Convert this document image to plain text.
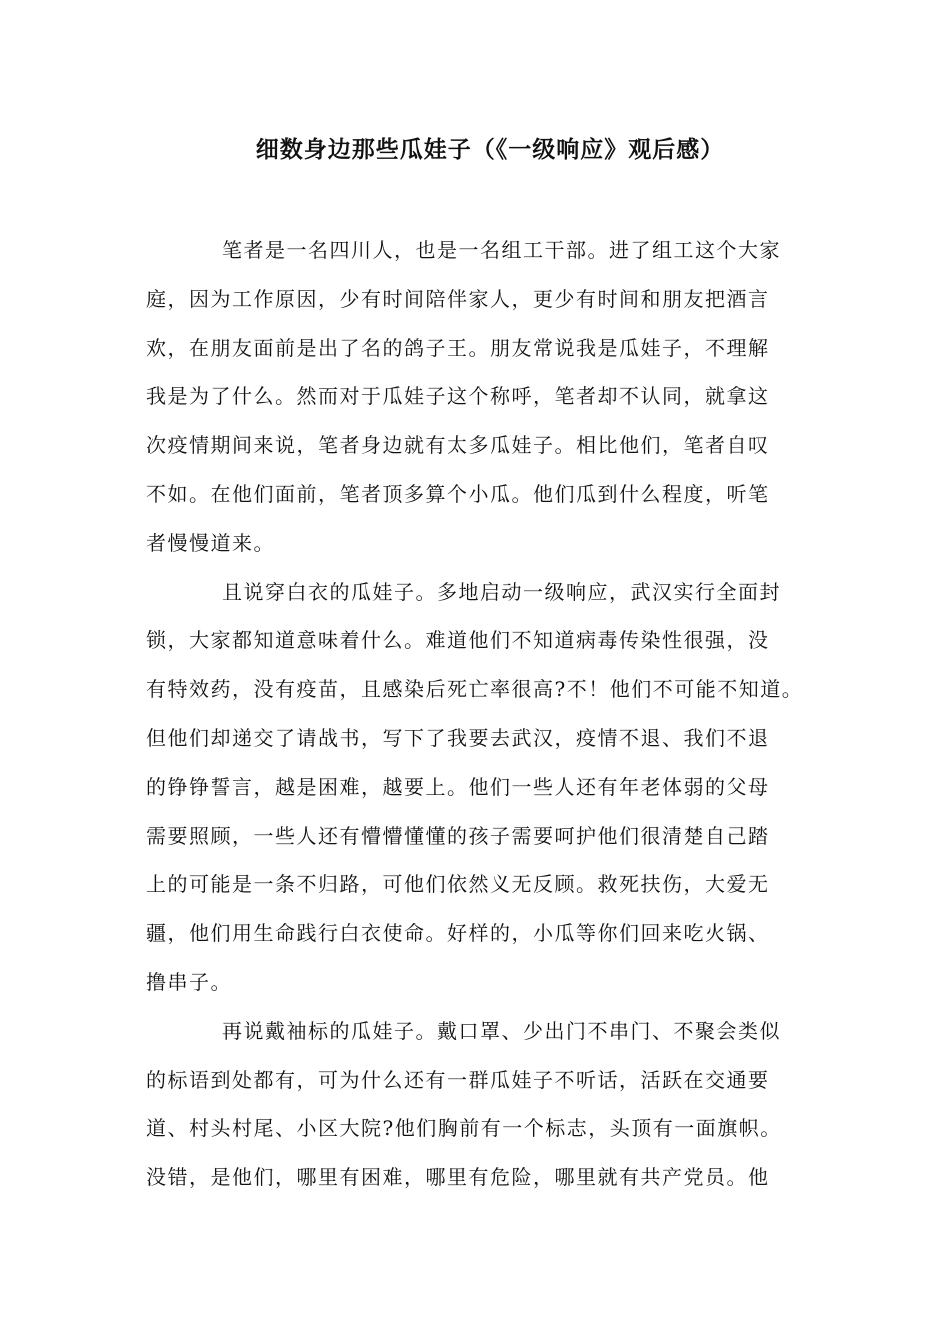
细数身边那些瓜娃子（《一级响应》观后感）
笔者是一名四川人，也是一名组工干部。进了组工这个大家
庭，因为工作原因，少有时间陪伴家人，更少有时间和朋友把酒言
欢，在朋友面前是出了名的鸽子王。朋友常说我是瓜娃子，不理解
我是为了什么。然而对于瓜娃子这个称呼，笔者却不认同，就拿这
次疫情期间来说，笔者身边就有太多瓜娃子。相比他们，笔者自叹
不如。在他们面前，笔者顶多算个小瓜。他们瓜到什么程度，听笔
者慢慢道来。
且说穿白衣的瓜娃子。多地启动一级响应，武汉实行全面封
锁，大家都知道意味着什么。难道他们不知道病毒传染性很强，没
有特效药，没有疫苗，且感染后死亡率很高?不！他们不可能不知道。
但他们却递交了请战书，写下了我要去武汉，疫情不退、我们不退
的铮铮誓言，越是困难，越要上。他们一些人还有年老体弱的父母
需要照顾，一些人还有懵懵懂懂的孩子需要呵护他们很清楚自己踏
上的可能是一条不归路，可他们依然义无反顾。救死扶伤，大爱无
疆，他们用生命践行白衣使命。好样的，小瓜等你们回来吃火锅、
撸串子。
再说戴袖标的瓜娃子。戴口罩、少出门不串门、不聚会类似
的标语到处都有，可为什么还有一群瓜娃子不听话，活跃在交通要
道、村头村尾、小区大院?他们胸前有一个标志，头顶有一面旗帜。
没错，是他们，哪里有困难，哪里有危险，哪里就有共产党员。他
